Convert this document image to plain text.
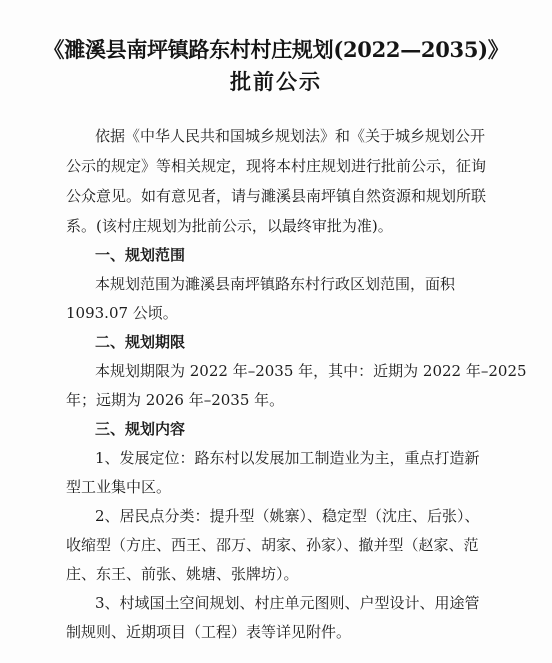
《濉溪县南坪镇路东村村庄规划(2022—2035)》
批前公示
依据《中华人民共和国城乡规划法》和《关于城乡规划公开
公示的规定》等相关规定，现将本村庄规划进行批前公示，征询
公众意见。如有意见者，请与濉溪县南坪镇自然资源和规划所联
系。(该村庄规划为批前公示，以最终审批为准)。
一、规划范围
本规划范围为濉溪县南坪镇路东村行政区划范围，面积
1093.07 公顷。
二、规划期限
本规划期限为 2022 年–2035 年，其中：近期为 2022 年–2025
年；远期为 2026 年–2035 年。
三、规划内容
1、发展定位：路东村以发展加工制造业为主，重点打造新
型工业集中区。
2、居民点分类：提升型（姚寨）、稳定型（沈庄、后张）、
收缩型（方庄、西王、邵万、胡家、孙家）、撤并型（赵家、范
庄、东王、前张、姚塘、张牌坊）。
3、村域国土空间规划、村庄单元图则、户型设计、用途管
制规则、近期项目（工程）表等详见附件。
